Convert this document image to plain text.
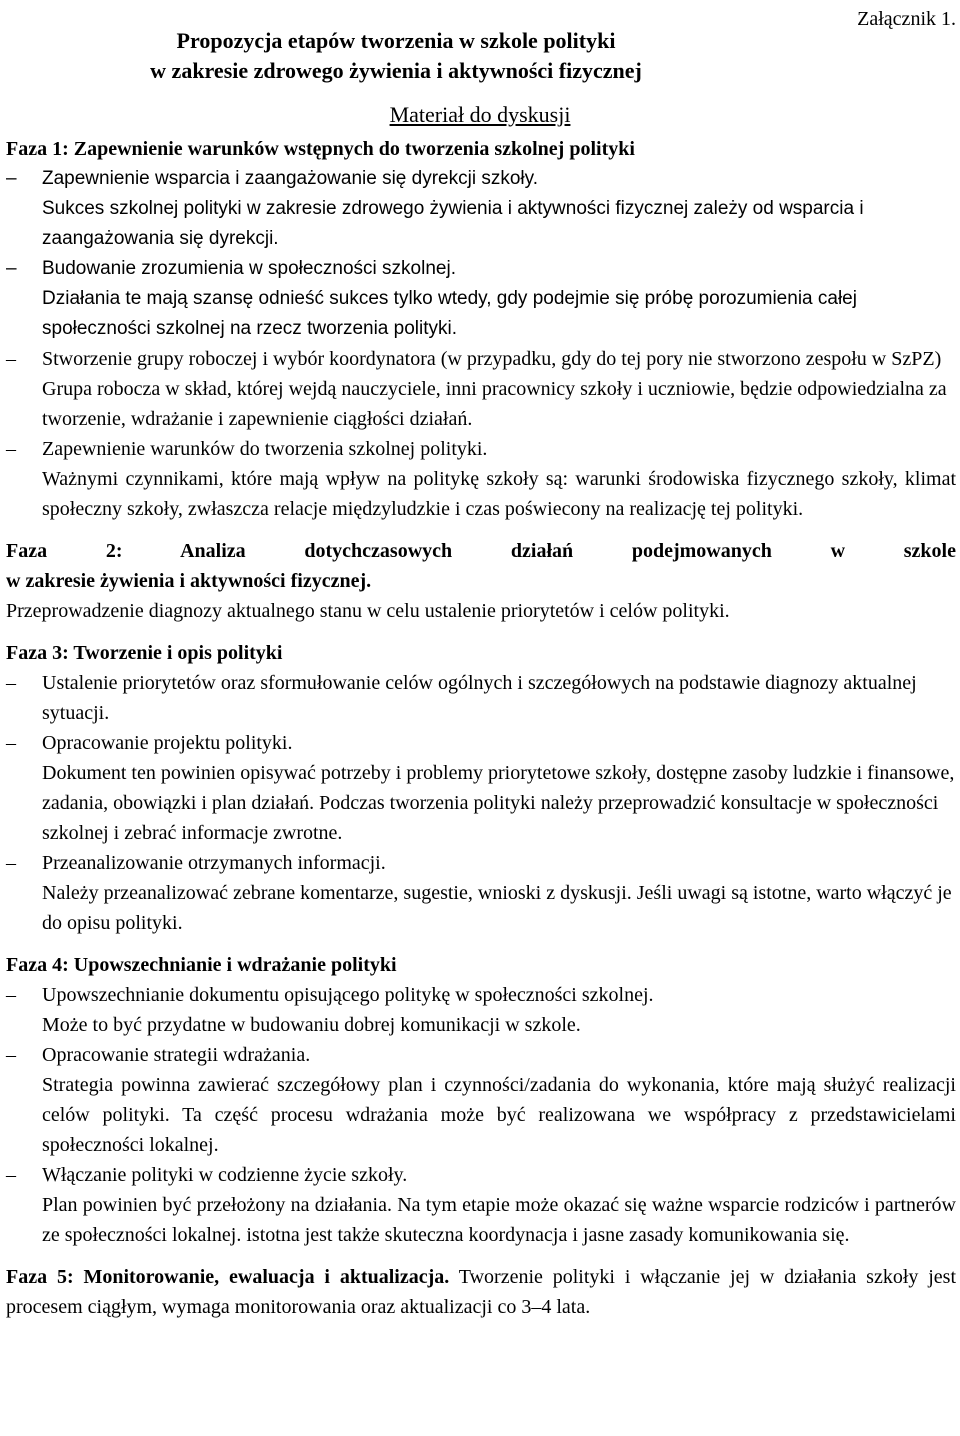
Załącznik 1.
Propozycja etapów tworzenia w szkole polityki
w zakresie zdrowego żywienia i aktywności fizycznej
Materiał do dyskusji
Faza 1: Zapewnienie warunków wstępnych do tworzenia szkolnej polityki
–	Zapewnienie wsparcia i zaangażowanie się dyrekcji szkoły.
Sukces szkolnej polityki w zakresie zdrowego żywienia i aktywności fizycznej zależy od wsparcia i zaangażowania się dyrekcji.
–	Budowanie zrozumienia w społeczności szkolnej.
Działania te mają szansę odnieść sukces tylko wtedy, gdy podejmie się próbę porozumienia całej społeczności szkolnej na rzecz tworzenia polityki.
–	Stworzenie grupy roboczej i wybór koordynatora (w przypadku, gdy do tej pory nie stworzono zespołu w SzPZ)
Grupa robocza w skład, której wejdą nauczyciele, inni pracownicy szkoły i uczniowie, będzie odpowiedzialna za tworzenie, wdrażanie i zapewnienie ciągłości działań.
–	Zapewnienie warunków do tworzenia szkolnej polityki.
Ważnymi czynnikami, które mają wpływ na politykę szkoły są: warunki środowiska fizycznego szkoły, klimat społeczny szkoły, zwłaszcza relacje międzyludzkie i czas poświecony na realizację tej polityki.
Faza 2: Analiza dotychczasowych działań podejmowanych w szkole
w zakresie żywienia i aktywności fizycznej.
Przeprowadzenie diagnozy aktualnego stanu w celu ustalenie priorytetów i celów polityki.
Faza 3: Tworzenie i opis polityki
–	Ustalenie priorytetów oraz sformułowanie celów ogólnych i szczegółowych na podstawie diagnozy aktualnej sytuacji.
–	Opracowanie projektu polityki.
Dokument ten powinien opisywać potrzeby i problemy priorytetowe szkoły, dostępne zasoby ludzkie i finansowe, zadania, obowiązki i plan działań. Podczas tworzenia polityki należy przeprowadzić konsultacje w społeczności szkolnej i zebrać informacje zwrotne.
–	Przeanalizowanie otrzymanych informacji.
Należy przeanalizować zebrane komentarze, sugestie, wnioski z dyskusji. Jeśli uwagi są istotne, warto włączyć je do opisu polityki.
Faza 4: Upowszechnianie i wdrażanie polityki
–	Upowszechnianie dokumentu opisującego politykę w społeczności szkolnej.
Może to być przydatne w budowaniu dobrej komunikacji w szkole.
–	Opracowanie strategii wdrażania.
Strategia powinna zawierać szczegółowy plan i czynności/zadania do wykonania, które mają służyć realizacji celów polityki. Ta część procesu wdrażania może być realizowana we współpracy z przedstawicielami społeczności lokalnej.
–	Włączanie polityki w codzienne życie szkoły.
Plan powinien być przełożony na działania. Na tym etapie może okazać się ważne wsparcie rodziców i partnerów ze społeczności lokalnej. istotna jest także skuteczna koordynacja i jasne zasady komunikowania się.
Faza 5: Monitorowanie, ewaluacja i aktualizacja. Tworzenie polityki i włączanie jej w działania szkoły jest procesem ciągłym, wymaga monitorowania oraz aktualizacji co 3–4 lata.
